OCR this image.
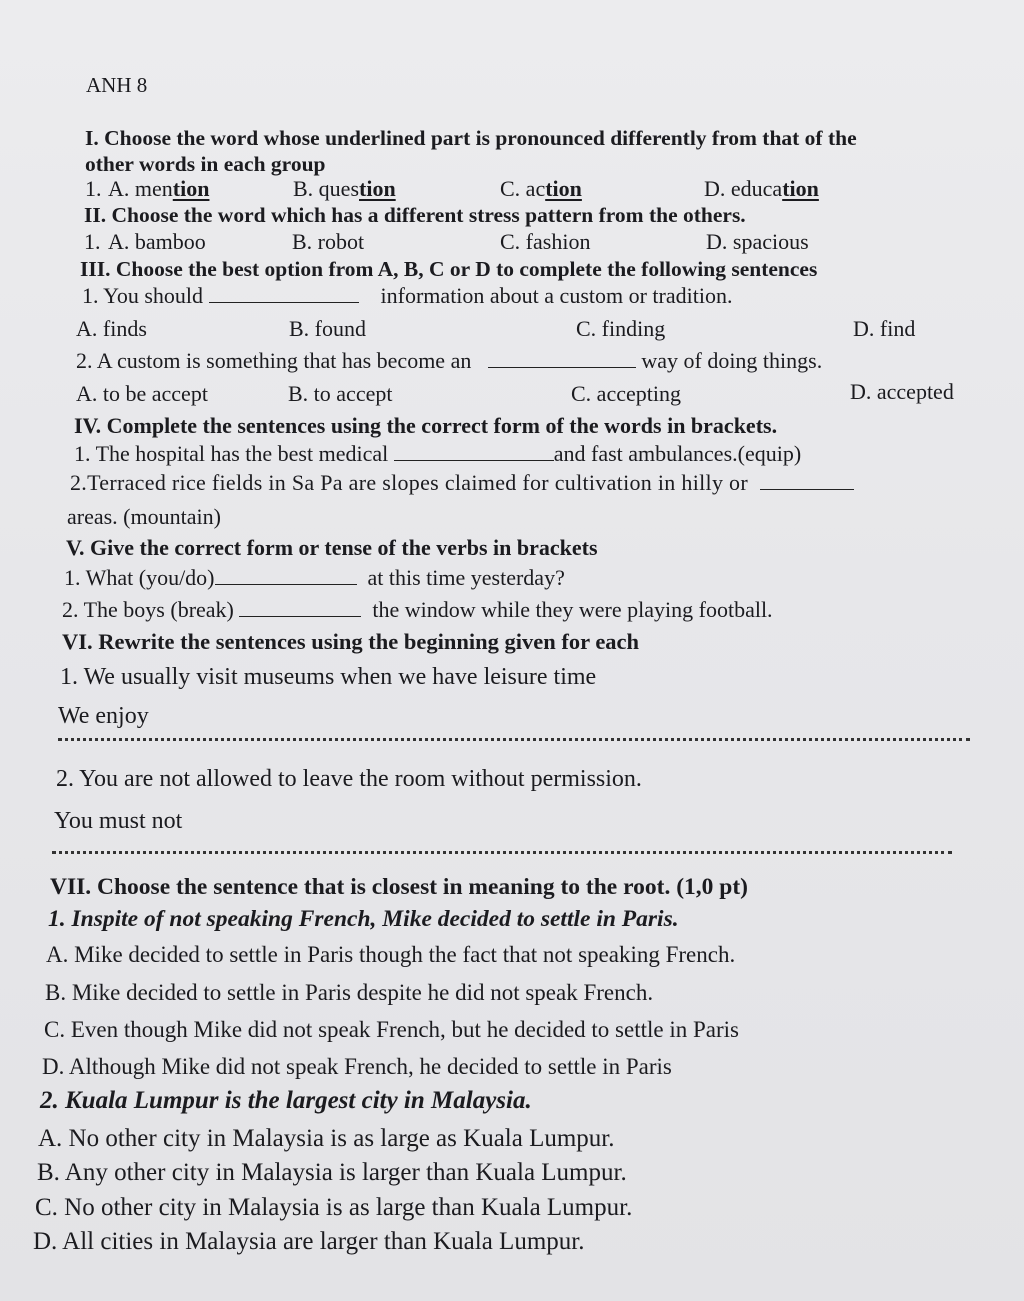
ANH 8
I. Choose the word whose underlined part is pronounced differently from that of the
other words in each group
1. A. mention	B. question	C. action	D. education
II. Choose the word which has a different stress pattern from the others.
1. A. bamboo	B. robot	C. fashion	D. spacious
III. Choose the best option from A, B, C or D to complete the following sentences
1. You should	information about a custom or tradition.
A. finds	B. found	C. finding	D. find
2. A custom is something that has become an	way of doing things.
A. to be accept	B. to accept	C. accepting	D. accepted
IV. Complete the sentences using the correct form of the words in brackets.
1. The hospital has the best medical	and fast ambulances.(equip)
2.Terraced rice fields in Sa Pa are slopes claimed for cultivation in hilly or
areas. (mountain)
V. Give the correct form or tense of the verbs in brackets
1. What (you/do)	at this time yesterday?
2. The boys (break)	the window while they were playing football.
VI. Rewrite the sentences using the beginning given for each
1. We usually visit museums when we have leisure time
We enjoy
2. You are not allowed to leave the room without permission.
You must not
VII. Choose the sentence that is closest in meaning to the root. (1,0 pt)
1. Inspite of not speaking French, Mike decided to settle in Paris.
A. Mike decided to settle in Paris though the fact that not speaking French.
B. Mike decided to settle in Paris despite he did not speak French.
C. Even though Mike did not speak French, but he decided to settle in Paris
D. Although Mike did not speak French, he decided to settle in Paris
2. Kuala Lumpur is the largest city in Malaysia.
A. No other city in Malaysia is as large as Kuala Lumpur.
B. Any other city in Malaysia is larger than Kuala Lumpur.
C. No other city in Malaysia is as large than Kuala Lumpur.
D. All cities in Malaysia are larger than Kuala Lumpur.
